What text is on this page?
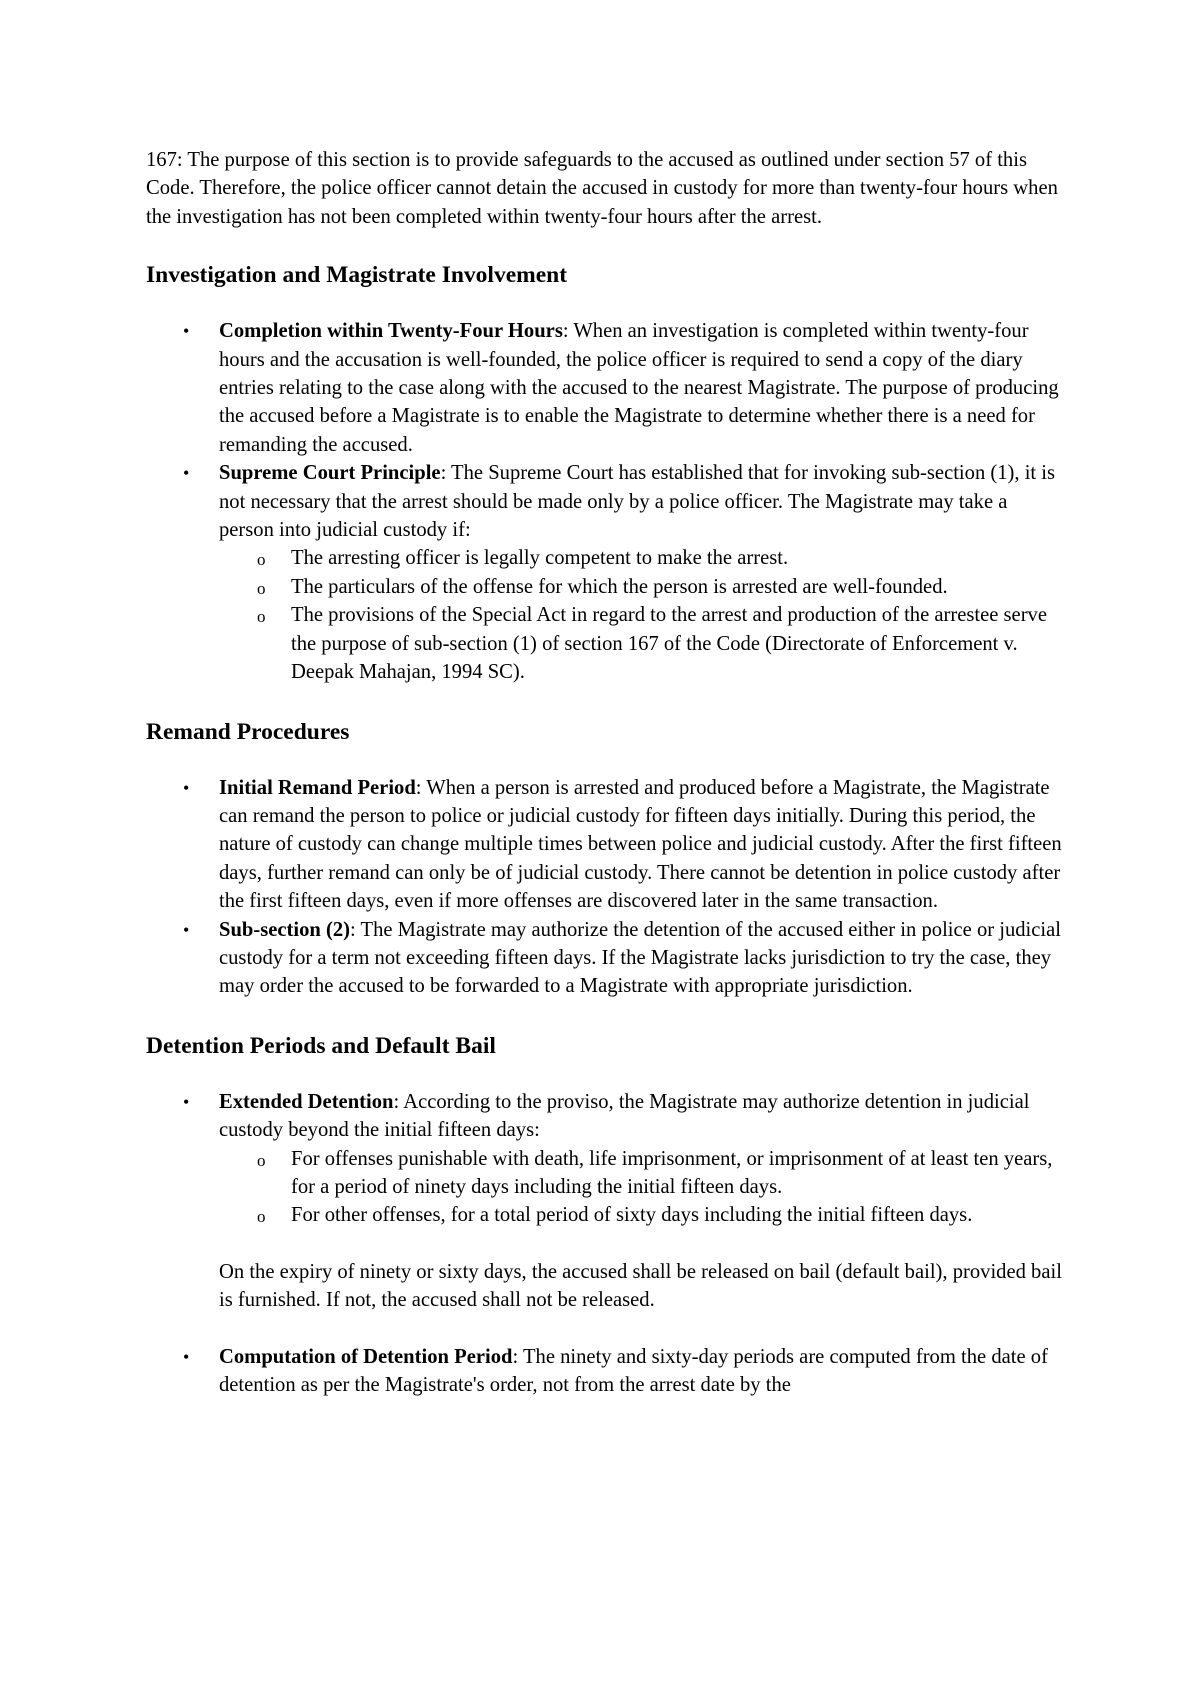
167: The purpose of this section is to provide safeguards to the accused as outlined under section 57 of this Code. Therefore, the police officer cannot detain the accused in custody for more than twenty-four hours when the investigation has not been completed within twenty-four hours after the arrest.

Investigation and Magistrate Involvement
• Completion within Twenty-Four Hours: When an investigation is completed within twenty-four hours and the accusation is well-founded, the police officer is required to send a copy of the diary entries relating to the case along with the accused to the nearest Magistrate. The purpose of producing the accused before a Magistrate is to enable the Magistrate to determine whether there is a need for remanding the accused.
• Supreme Court Principle: The Supreme Court has established that for invoking sub-section (1), it is not necessary that the arrest should be made only by a police officer. The Magistrate may take a person into judicial custody if:
o The arresting officer is legally competent to make the arrest.
o The particulars of the offense for which the person is arrested are well-founded.
o The provisions of the Special Act in regard to the arrest and production of the arrestee serve the purpose of sub-section (1) of section 167 of the Code (Directorate of Enforcement v. Deepak Mahajan, 1994 SC).
Remand Procedures
• Initial Remand Period: When a person is arrested and produced before a Magistrate, the Magistrate can remand the person to police or judicial custody for fifteen days initially. During this period, the nature of custody can change multiple times between police and judicial custody. After the first fifteen days, further remand can only be of judicial custody. There cannot be detention in police custody after the first fifteen days, even if more offenses are discovered later in the same transaction.
• Sub-section (2): The Magistrate may authorize the detention of the accused either in police or judicial custody for a term not exceeding fifteen days. If the Magistrate lacks jurisdiction to try the case, they may order the accused to be forwarded to a Magistrate with appropriate jurisdiction.
Detention Periods and Default Bail
• Extended Detention: According to the proviso, the Magistrate may authorize detention in judicial custody beyond the initial fifteen days:
o For offenses punishable with death, life imprisonment, or imprisonment of at least ten years, for a period of ninety days including the initial fifteen days.
o For other offenses, for a total period of sixty days including the initial fifteen days.

On the expiry of ninety or sixty days, the accused shall be released on bail (default bail), provided bail is furnished. If not, the accused shall not be released.

• Computation of Detention Period: The ninety and sixty-day periods are computed from the date of detention as per the Magistrate's order, not from the arrest date by the
